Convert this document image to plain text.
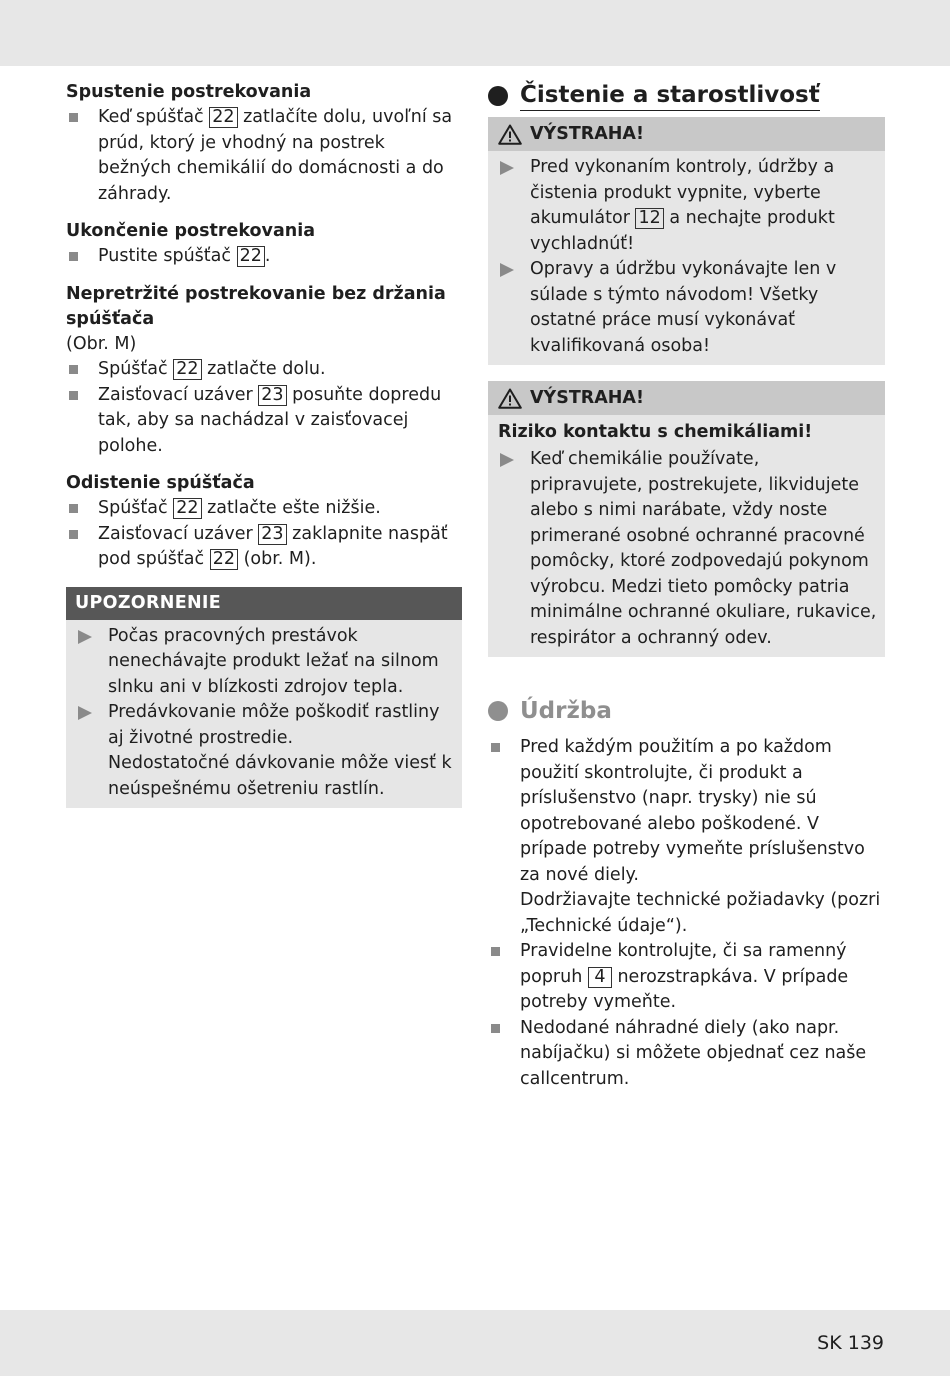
Spustenie postrekovania
Keď spúšťač 22 zatlačíte dolu, uvoľní sa prúd, ktorý je vhodný na postrek bežných chemikálií do domácnosti a do záhrady.
Ukončenie postrekovania
Pustite spúšťač 22 .
Nepretržité postrekovanie bez držania spúšťača
(Obr. M)
Spúšťač 22 zatlačte dolu.
Zaisťovací uzáver 23 posuňte dopredu tak, aby sa nachádzal v zaisťovacej polohe.
Odistenie spúšťača
Spúšťač 22 zatlačte ešte nižšie.
Zaisťovací uzáver 23 zaklapnite naspäť pod spúšťač 22 (obr. M).
UPOZORNENIE
Počas pracovných prestávok nenechávajte produkt ležať na silnom slnku ani v blízkosti zdrojov tepla.
Predávkovanie môže poškodiť rastliny aj životné prostredie.
Nedostatočné dávkovanie môže viesť k neúspešnému ošetreniu rastlín.
Čistenie a starostlivosť
VÝSTRAHA!
Pred vykonaním kontroly, údržby a čistenia produkt vypnite, vyberte akumulátor 12 a nechajte produkt vychladnúť!
Opravy a údržbu vykonávajte len v súlade s týmto návodom! Všetky ostatné práce musí vykonávať kvalifikovaná osoba!
VÝSTRAHA!
Riziko kontaktu s chemikáliami!
Keď chemikálie používate, pripravujete, postrekujete, likvidujete alebo s nimi narábate, vždy noste primerané osobné ochranné pracovné pomôcky, ktoré zodpovedajú pokynom výrobcu. Medzi tieto pomôcky patria minimálne ochranné okuliare, rukavice, respirátor a ochranný odev.
Údržba
Pred každým použitím a po každom použití skontrolujte, či produkt a príslušenstvo (napr. trysky) nie sú opotrebované alebo poškodené. V prípade potreby vymeňte príslušenstvo za nové diely.
Dodržiavajte technické požiadavky (pozri „Technické údaje“).
Pravidelne kontrolujte, či sa ramenný popruh 4 nerozstrapkáva. V prípade potreby vymeňte.
Nedodané náhradné diely (ako napr. nabíjačku) si môžete objednať cez naše callcentrum.
SK 139
